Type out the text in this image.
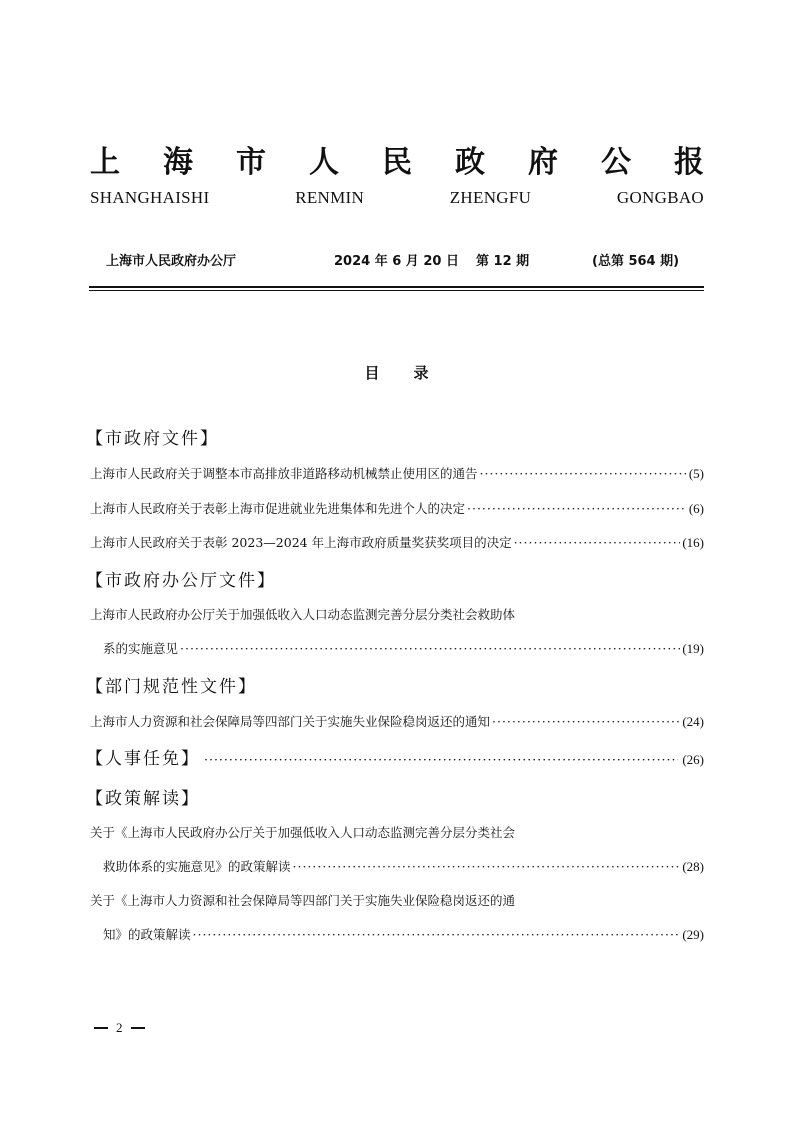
上 海 市 人 民 政 府 公 报
SHANGHAISHI	RENMIN	ZHENGFU	GONGBAO
上海市人民政府办公厅	2024 年 6 月 20 日 第 12 期	(总第 564 期)
目录
【市政府文件】
上海市人民政府关于调整本市高排放非道路移动机械禁止使用区的通告 ·····	(5)
上海市人民政府关于表彰上海市促进就业先进集体和先进个人的决定 ·····	(6)
上海市人民政府关于表彰 2023—2024 年上海市政府质量奖获奖项目的决定 ·····	(16)
【市政府办公厅文件】
上海市人民政府办公厅关于加强低收入人口动态监测完善分层分类社会救助体
系的实施意见 ·····	(19)
【部门规范性文件】
上海市人力资源和社会保障局等四部门关于实施失业保险稳岗返还的通知 ·····	(24)
【人事任免】 ·····	(26)
【政策解读】
关于《上海市人民政府办公厅关于加强低收入人口动态监测完善分层分类社会
救助体系的实施意见》的政策解读 ·····	(28)
关于《上海市人力资源和社会保障局等四部门关于实施失业保险稳岗返还的通
知》的政策解读 ·····	(29)
2
